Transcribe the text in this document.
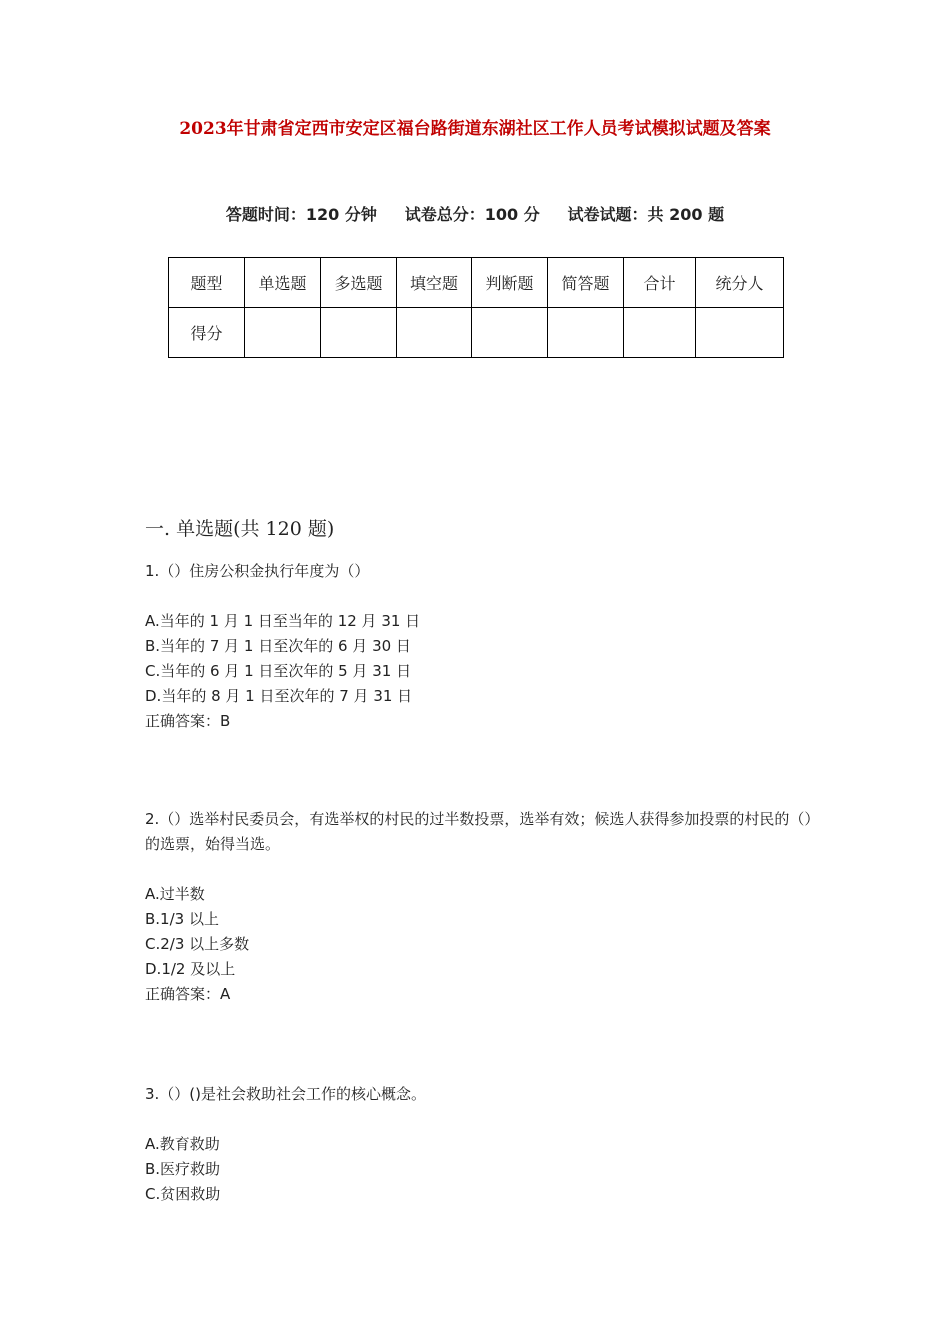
2023年甘肃省定西市安定区福台路街道东湖社区工作人员考试模拟试题及答案
答题时间：120 分钟     试卷总分：100 分     试卷试题：共 200 题
题型	单选题	多选题	填空题	判断题	简答题	合计	统分人
得分							
一. 单选题(共 120 题)

1.（）住房公积金执行年度为（）

A.当年的 1 月 1 日至当年的 12 月 31 日

B.当年的 7 月 1 日至次年的 6 月 30 日

C.当年的 6 月 1 日至次年的 5 月 31 日

D.当年的 8 月 1 日至次年的 7 月 31 日

正确答案：B

2.（）选举村民委员会，有选举权的村民的过半数投票，选举有效；候选人获得参加投票的村民的（）的选票，始得当选。

A.过半数

B.1/3 以上

C.2/3 以上多数

D.1/2 及以上

正确答案：A

3.（）()是社会救助社会工作的核心概念。

A.教育救助

B.医疗救助

C.贫困救助
